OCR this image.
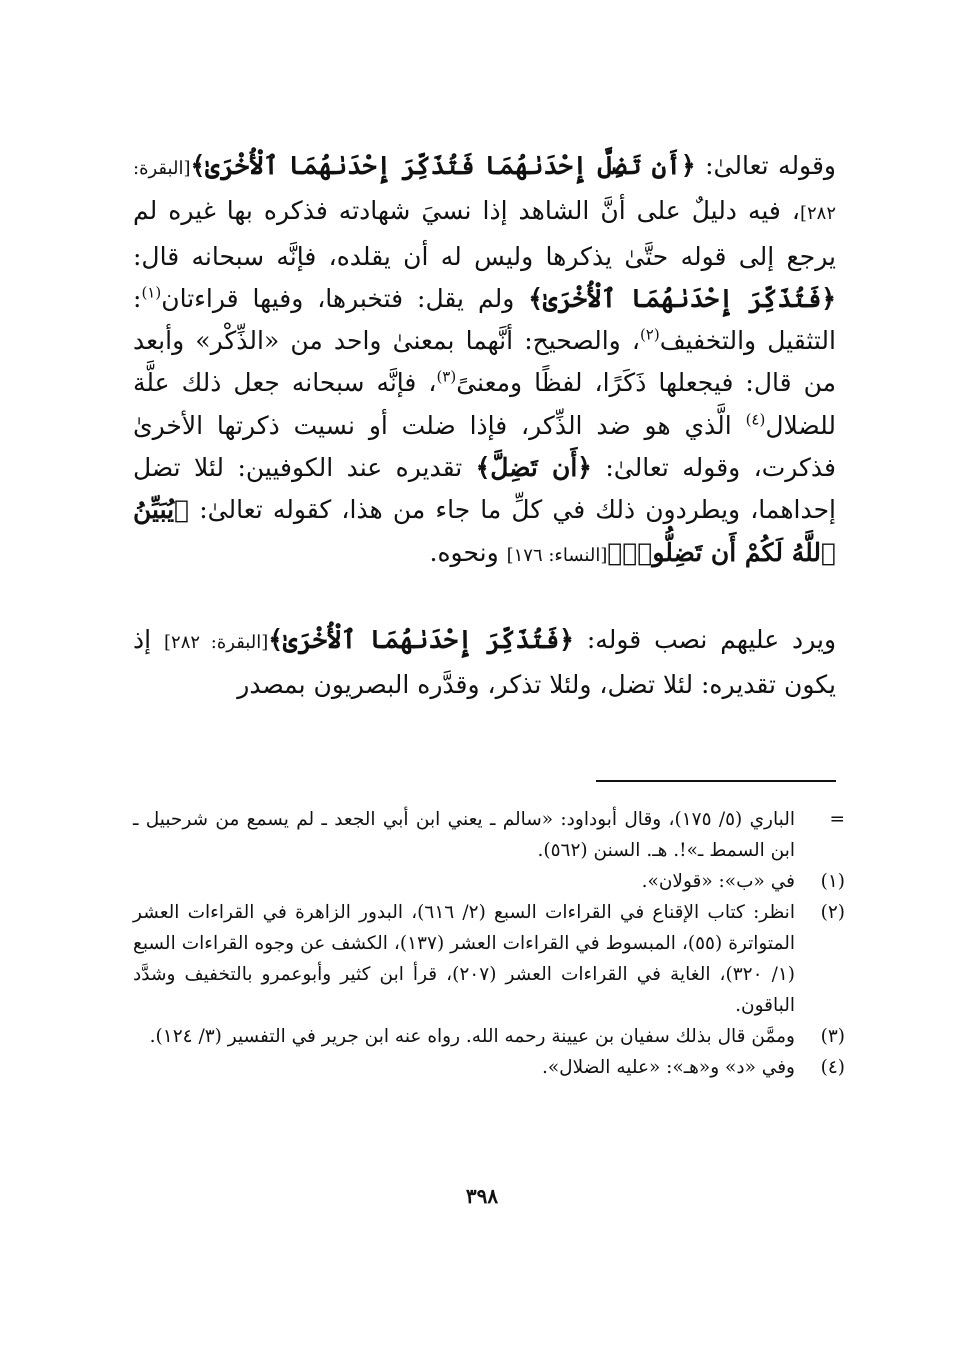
وقوله تعالىٰ: ﴿أَن تَضِلَّ إِحْدَىٰهُمَا فَتُذَكِّرَ إِحْدَىٰهُمَا ٱلْأُخْرَىٰ﴾[البقرة: ٢٨٢]، فيه دليلٌ على أنَّ الشاهد إذا نسيَ شهادته فذكره بها غيره لم يرجع إلى قوله حتَّىٰ يذكرها وليس له أن يقلده، فإنَّه سبحانه قال: ﴿فَتُذَكِّرَ إِحْدَىٰهُمَا ٱلْأُخْرَىٰ﴾ ولم يقل: فتخبرها، وفيها قراءتان$^{(١)}$: التثقيل والتخفيف$^{(٢)}$، والصحيح: أنَّهما بمعنىٰ واحد من «الذِّكْر» وأبعد من قال: فيجعلها ذَكَرًا، لفظًا ومعنىً$^{(٣)}$، فإنَّه سبحانه جعل ذلك علَّة للضلال$^{(٤)}$ الَّذي هو ضد الذِّكر، فإذا ضلت أو نسيت ذكرتها الأخرىٰ فذكرت، وقوله تعالىٰ: ﴿أَن تَضِلَّ﴾ تقديره عند الكوفيين: لئلا تضل إحداهما، ويطردون ذلك في كلِّ ما جاء من هذا، كقوله تعالىٰ: ﴿يُبَيِّنُ ٱللَّهُ لَكُمْ أَن تَضِلُّوا۟﴾[النساء: ١٧٦] ونحوه.

ويرد عليهم نصب قوله: ﴿فَتُذَكِّرَ إِحْدَىٰهُمَا ٱلْأُخْرَىٰ﴾[البقرة: ٢٨٢] إذ يكون تقديره: لئلا تضل، ولئلا تذكر، وقدَّره البصريون بمصدر

=
الباري (٥/ ١٧٥)، وقال أبوداود: «سالم ـ يعني ابن أبي الجعد ـ لم يسمع من شرحبيل ـ ابن السمط ـ»!. هـ. السنن (٥٦٢).
(١)
في «ب»: «قولان».
(٢)
انظر: كتاب الإقناع في القراءات السبع (٢/ ٦١٦)، البدور الزاهرة في القراءات العشر المتواترة (٥٥)، المبسوط في القراءات العشر (١٣٧)، الكشف عن وجوه القراءات السبع (١/ ٣٢٠)، الغاية في القراءات العشر (٢٠٧)، قرأ ابن كثير وأبوعمرو بالتخفيف وشدَّد الباقون.
(٣)
وممَّن قال بذلك سفيان بن عيينة رحمه الله. رواه عنه ابن جرير في التفسير (٣/ ١٢٤).
(٤)
وفي «د» و«هـ»: «عليه الضلال».
٣٩٨
